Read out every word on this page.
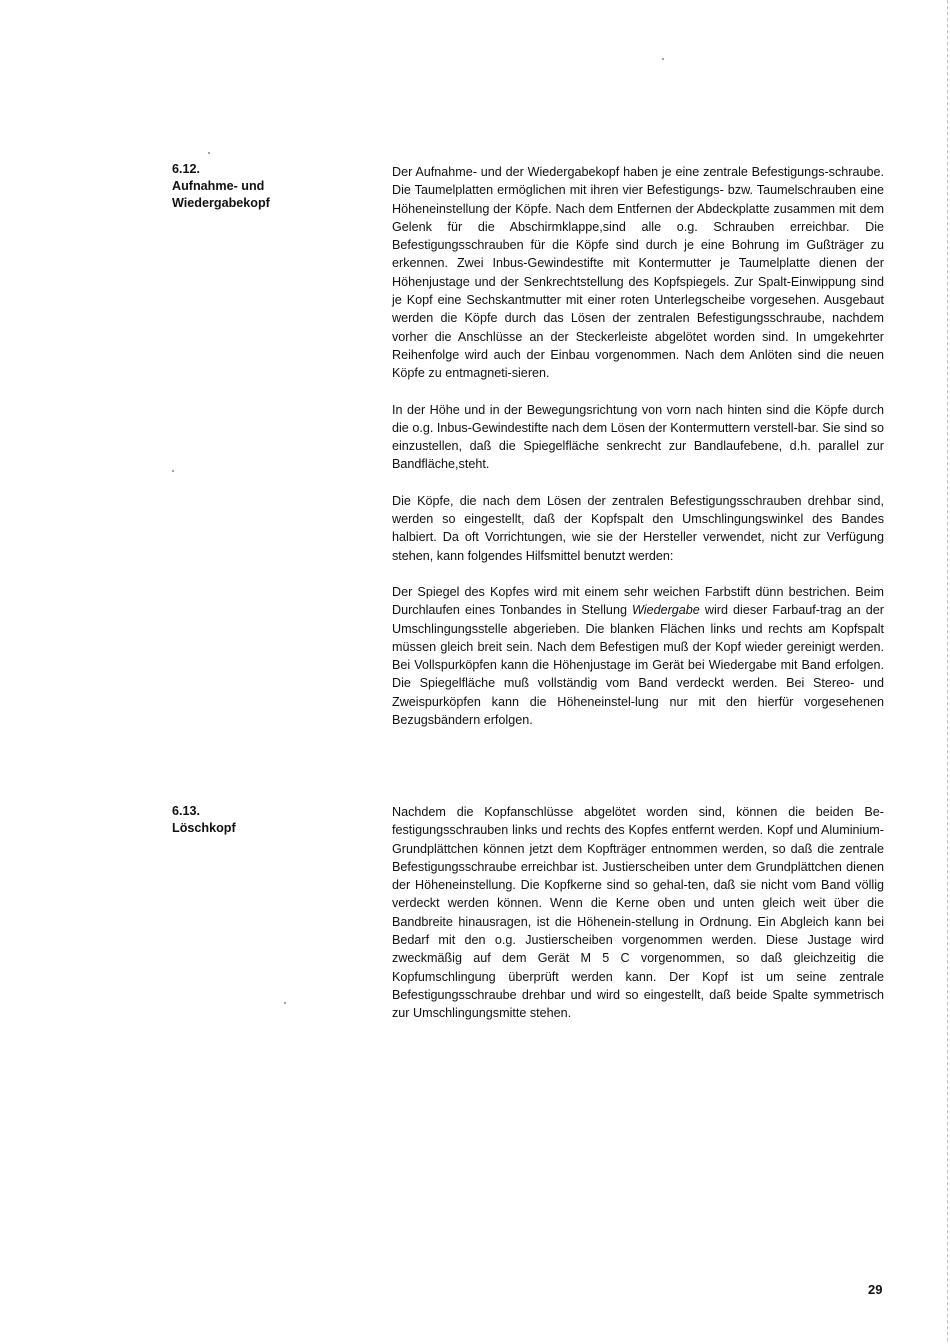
6.12.
Aufnahme- und
Wiedergabekopf

Der Aufnahme- und der Wiedergabekopf haben je eine zentrale Befestigungs-schraube. Die Taumelplatten ermöglichen mit ihren vier Befestigungs- bzw. Taumelschrauben eine Höheneinstellung der Köpfe. Nach dem Entfernen der Abdeckplatte zusammen mit dem Gelenk für die Abschirmklappe,sind alle o.g. Schrauben erreichbar. Die Befestigungsschrauben für die Köpfe sind durch je eine Bohrung im Gußträger zu erkennen. Zwei Inbus-Gewindestifte mit Kontermutter je Taumelplatte dienen der Höhenjustage und der Senkrechtstellung des Kopfspiegels. Zur Spalt-Einwippung sind je Kopf eine Sechskantmutter mit einer roten Unterlegscheibe vorgesehen. Ausgebaut werden die Köpfe durch das Lösen der zentralen Befestigungsschraube, nachdem vorher die Anschlüsse an der Steckerleiste abgelötet worden sind. In umgekehrter Reihenfolge wird auch der Einbau vorgenommen. Nach dem Anlöten sind die neuen Köpfe zu entmagneti-sieren.

In der Höhe und in der Bewegungsrichtung von vorn nach hinten sind die Köpfe durch die o.g. Inbus-Gewindestifte nach dem Lösen der Kontermuttern verstell-bar. Sie sind so einzustellen, daß die Spiegelfläche senkrecht zur Bandlaufebene, d.h. parallel zur Bandfläche,steht.

Die Köpfe, die nach dem Lösen der zentralen Befestigungsschrauben drehbar sind, werden so eingestellt, daß der Kopfspalt den Umschlingungswinkel des Bandes halbiert. Da oft Vorrichtungen, wie sie der Hersteller verwendet, nicht zur Verfügung stehen, kann folgendes Hilfsmittel benutzt werden:

Der Spiegel des Kopfes wird mit einem sehr weichen Farbstift dünn bestrichen. Beim Durchlaufen eines Tonbandes in Stellung Wiedergabe wird dieser Farbauf-trag an der Umschlingungsstelle abgerieben. Die blanken Flächen links und rechts am Kopfspalt müssen gleich breit sein. Nach dem Befestigen muß der Kopf wieder gereinigt werden. Bei Vollspurköpfen kann die Höhenjustage im Gerät bei Wiedergabe mit Band erfolgen. Die Spiegelfläche muß vollständig vom Band verdeckt werden. Bei Stereo- und Zweispurköpfen kann die Höheneinstel-lung nur mit den hierfür vorgesehenen Bezugsbändern erfolgen.

6.13.
Löschkopf

Nachdem die Kopfanschlüsse abgelötet worden sind, können die beiden Be-festigungsschrauben links und rechts des Kopfes entfernt werden. Kopf und Aluminium-Grundplättchen können jetzt dem Kopfträger entnommen werden, so daß die zentrale Befestigungsschraube erreichbar ist. Justierscheiben unter dem Grundplättchen dienen der Höheneinstellung. Die Kopfkerne sind so gehal-ten, daß sie nicht vom Band völlig verdeckt werden können. Wenn die Kerne oben und unten gleich weit über die Bandbreite hinausragen, ist die Höhenein-stellung in Ordnung. Ein Abgleich kann bei Bedarf mit den o.g. Justierscheiben vorgenommen werden. Diese Justage wird zweckmäßig auf dem Gerät M 5 C vorgenommen, so daß gleichzeitig die Kopfumschlingung überprüft werden kann. Der Kopf ist um seine zentrale Befestigungsschraube drehbar und wird so eingestellt, daß beide Spalte symmetrisch zur Umschlingungsmitte stehen.

29
